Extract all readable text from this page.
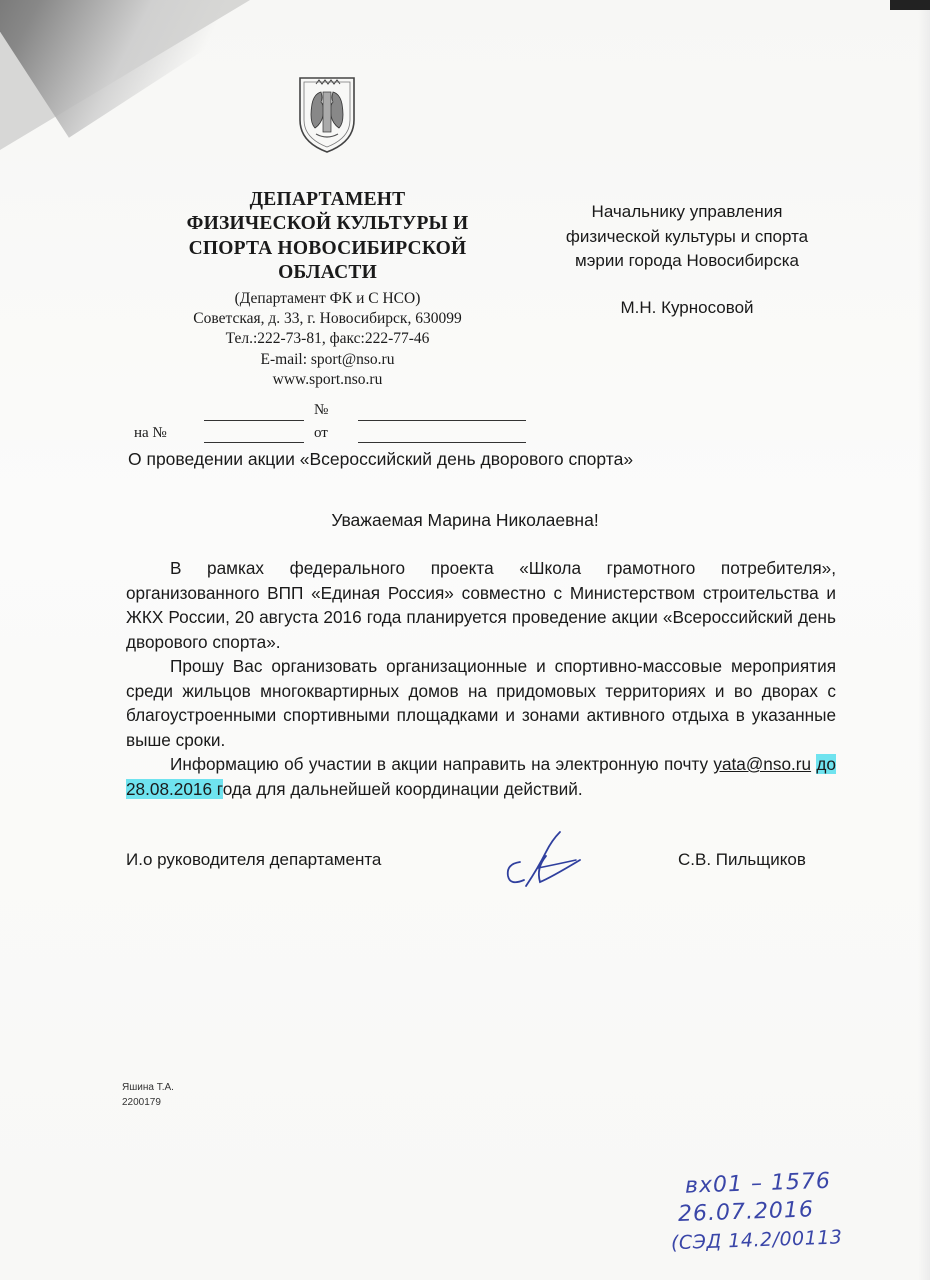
ДЕПАРТАМЕНТ
ФИЗИЧЕСКОЙ КУЛЬТУРЫ И
СПОРТА НОВОСИБИРСКОЙ
ОБЛАСТИ
(Департамент ФК и С НСО)
Советская, д. 33, г. Новосибирск, 630099
Тел.:222-73-81, факс:222-77-46
E-mail: sport@nso.ru
www.sport.nso.ru
Начальнику управления
физической культуры и спорта
мэрии города Новосибирска
М.Н. Курносовой
№
на №	от
О проведении акции «Всероссийский день дворового спорта»
Уважаемая Марина Николаевна!

В рамках федерального проекта «Школа грамотного потребителя», организованного ВПП «Единая Россия» совместно с Министерством строительства и ЖКХ России, 20 августа 2016 года планируется проведение акции «Всероссийский день дворового спорта».

Прошу Вас организовать организационные и спортивно-массовые мероприятия среди жильцов многоквартирных домов на придомовых территориях и во дворах с благоустроенными спортивными площадками и зонами активного отдыха в указанные выше сроки.

Информацию об участии в акции направить на электронную почту yata@nso.ru до 28.08.2016 года для дальнейшей координации действий.

И.о руководителя департамента	С.В. Пильщиков
Яшина Т.А.
2200179
вх01 – 1576
26.07.2016
(СЭД 14.2/00113
